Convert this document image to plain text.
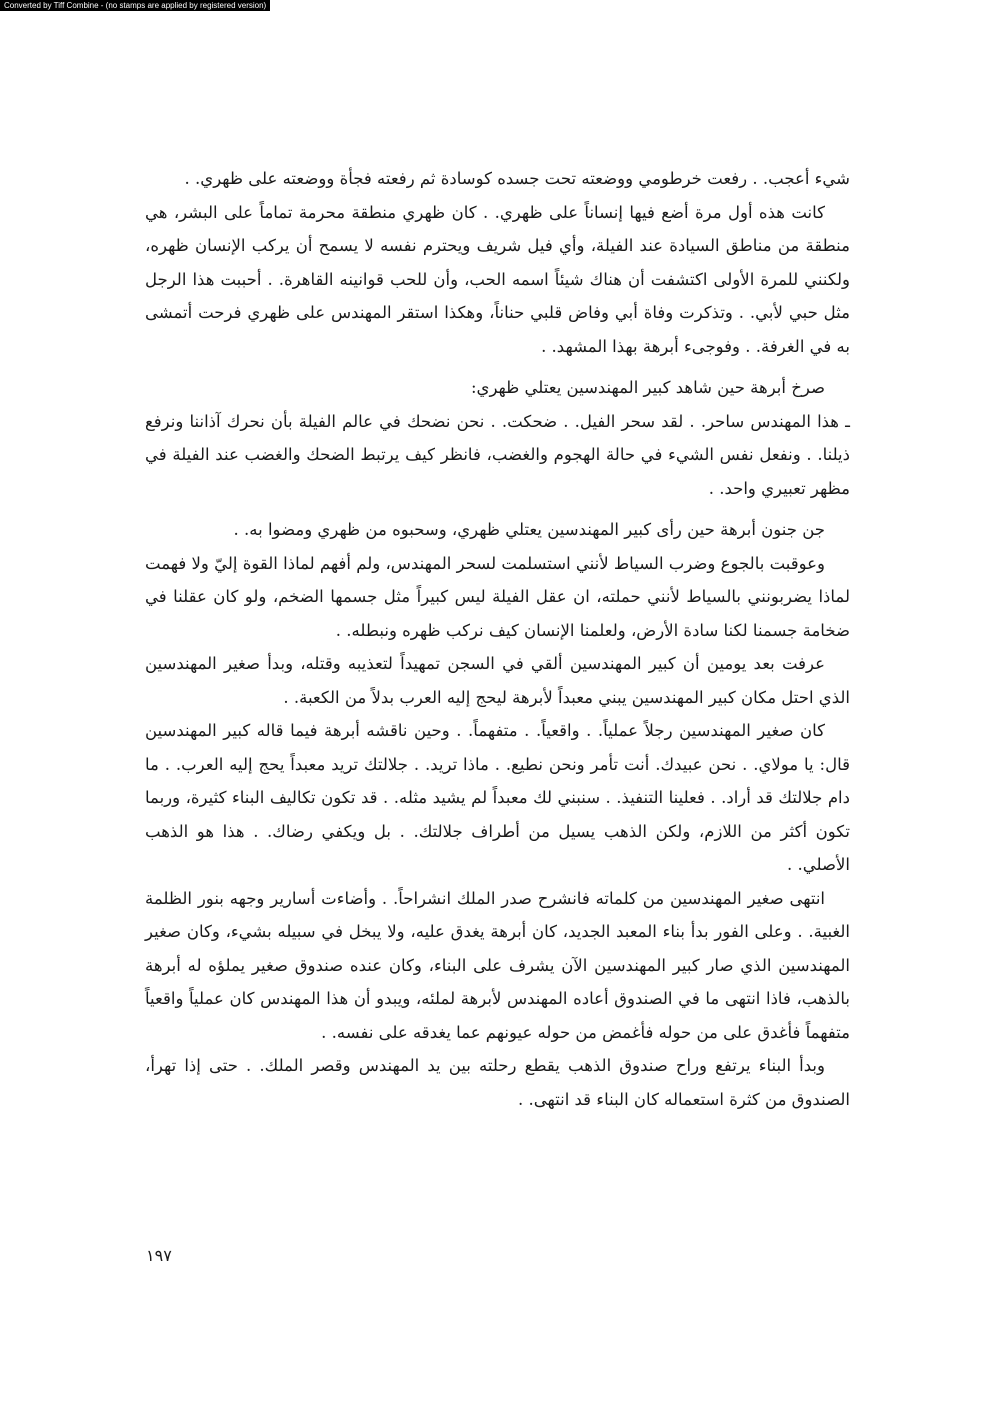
Converted by Tiff Combine - (no stamps are applied by registered version)

شيء أعجب. . رفعت خرطومي ووضعته تحت جسده كوسادة ثم رفعته فجأة ووضعته على ظهري. .

كانت هذه أول مرة أضع فيها إنساناً على ظهري. . كان ظهري منطقة محرمة تماماً على البشر، هي منطقة من مناطق السيادة عند الفيلة، وأي فيل شريف ويحترم نفسه لا يسمح أن يركب الإنسان ظهره، ولكنني للمرة الأولى اكتشفت أن هناك شيئاً اسمه الحب، وأن للحب قوانينه القاهرة. . أحببت هذا الرجل مثل حبي لأبي. . وتذكرت وفاة أبي وفاض قلبي حناناً، وهكذا استقر المهندس على ظهري فرحت أتمشى به في الغرفة. . وفوجىء أبرهة بهذا المشهد. .

صرخ أبرهة حين شاهد كبير المهندسين يعتلي ظهري:

ـ هذا المهندس ساحر. . لقد سحر الفيل. . ضحكت. . نحن نضحك في عالم الفيلة بأن نحرك آذاننا ونرفع ذيلنا. . ونفعل نفس الشيء في حالة الهجوم والغضب، فانظر كيف يرتبط الضحك والغضب عند الفيلة في مظهر تعبيري واحد. .

جن جنون أبرهة حين رأى كبير المهندسين يعتلي ظهري، وسحبوه من ظهري ومضوا به. .

وعوقبت بالجوع وضرب السياط لأنني استسلمت لسحر المهندس، ولم أفهم لماذا القوة إليّ ولا فهمت لماذا يضربونني بالسياط لأنني حملته، ان عقل الفيلة ليس كبيراً مثل جسمها الضخم، ولو كان عقلنا في ضخامة جسمنا لكنا سادة الأرض، ولعلمنا الإنسان كيف نركب ظهره ونبطله. .

عرفت بعد يومين أن كبير المهندسين ألقي في السجن تمهيداً لتعذيبه وقتله، وبدأ صغير المهندسين الذي احتل مكان كبير المهندسين يبني معبداً لأبرهة ليحج إليه العرب بدلاً من الكعبة. .

كان صغير المهندسين رجلاً عملياً. . واقعياً. . متفهماً. . وحين ناقشه أبرهة فيما قاله كبير المهندسين قال: يا مولاي. . نحن عبيدك. أنت تأمر ونحن نطيع. . ماذا تريد. . جلالتك تريد معبداً يحج إليه العرب. . ما دام جلالتك قد أراد. . فعلينا التنفيذ. . سنبني لك معبداً لم يشيد مثله. . قد تكون تكاليف البناء كثيرة، وربما تكون أكثر من اللازم، ولكن الذهب يسيل من أطراف جلالتك. . بل ويكفي رضاك. . هذا هو الذهب الأصلي. .

انتهى صغير المهندسين من كلماته فانشرح صدر الملك انشراحاً. . وأضاءت أسارير وجهه بنور الظلمة الغبية. . وعلى الفور بدأ بناء المعبد الجديد، كان أبرهة يغدق عليه، ولا يبخل في سبيله بشيء، وكان صغير المهندسين الذي صار كبير المهندسين الآن يشرف على البناء، وكان عنده صندوق صغير يملؤه له أبرهة بالذهب، فاذا انتهى ما في الصندوق أعاده المهندس لأبرهة لملئه، ويبدو أن هذا المهندس كان عملياً واقعياً متفهماً فأغدق على من حوله فأغمض من حوله عيونهم عما يغدقه على نفسه. .

وبدأ البناء يرتفع وراح صندوق الذهب يقطع رحلته بين يد المهندس وقصر الملك. . حتى إذا تهرأ، الصندوق من كثرة استعماله كان البناء قد انتهى. .

١٩٧
